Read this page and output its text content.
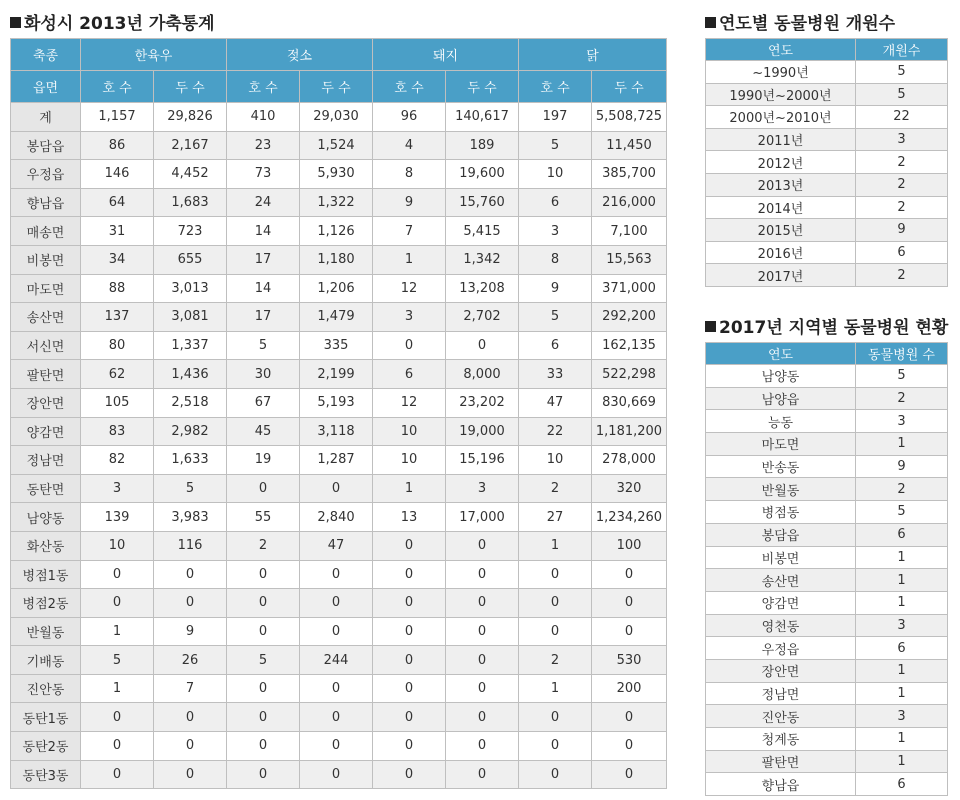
화성시 2013년 가축통계
축종	한육우		젖소		돼지		닭	
읍면	호 수	두 수	호 수	두 수	호 수	두 수	호 수	두 수
계	1,157	29,826	410	29,030	96	140,617	197	5,508,725
봉담읍	86	2,167	23	1,524	4	189	5	11,450
우정읍	146	4,452	73	5,930	8	19,600	10	385,700
향남읍	64	1,683	24	1,322	9	15,760	6	216,000
매송면	31	723	14	1,126	7	5,415	3	7,100
비봉면	34	655	17	1,180	1	1,342	8	15,563
마도면	88	3,013	14	1,206	12	13,208	9	371,000
송산면	137	3,081	17	1,479	3	2,702	5	292,200
서신면	80	1,337	5	335	0	0	6	162,135
팔탄면	62	1,436	30	2,199	6	8,000	33	522,298
장안면	105	2,518	67	5,193	12	23,202	47	830,669
양감면	83	2,982	45	3,118	10	19,000	22	1,181,200
정남면	82	1,633	19	1,287	10	15,196	10	278,000
동탄면	3	5	0	0	1	3	2	320
남양동	139	3,983	55	2,840	13	17,000	27	1,234,260
화산동	10	116	2	47	0	0	1	100
병점1동	0	0	0	0	0	0	0	0
병점2동	0	0	0	0	0	0	0	0
반월동	1	9	0	0	0	0	0	0
기배동	5	26	5	244	0	0	2	530
진안동	1	7	0	0	0	0	1	200
동탄1동	0	0	0	0	0	0	0	0
동탄2동	0	0	0	0	0	0	0	0
동탄3동	0	0	0	0	0	0	0	0
연도별 동물병원 개원수
연도	개원수
~1990년	5
1990년~2000년	5
2000년~2010년	22
2011년	3
2012년	2
2013년	2
2014년	2
2015년	9
2016년	6
2017년	2
2017년 지역별 동물병원 현황
연도	동물병원 수
남양동	5
남양읍	2
능동	3
마도면	1
반송동	9
반월동	2
병점동	5
봉담읍	6
비봉면	1
송산면	1
양감면	1
영천동	3
우정읍	6
장안면	1
정남면	1
진안동	3
청계동	1
팔탄면	1
향남읍	6
